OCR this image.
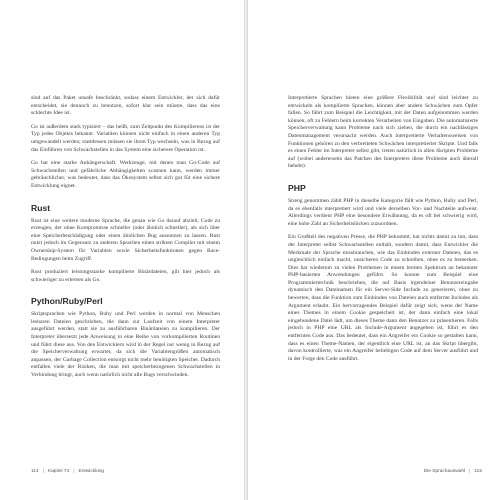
sind auf das Paket unsafe beschränkt, sodass einem Entwickler, der sich dafür entscheidet, sie dennoch zu benutzen, sofort klar sein müsste, dass das eine schlechte Idee ist.

Go ist außerdem stark typisiert – das heißt, zum Zeitpunkt des Kompilierens ist der Typ jedes Objekts bekannt. Variablen können nicht einfach in einen anderen Typ umgewandelt werden; stattdessen müssen sie ihren Typ wechseln, was in Bezug auf das Einführen von Schwachstellen in das System eine sicherere Operation ist.

Go hat eine starke Anhängerschaft. Werkzeuge, mit denen man Go-Code auf Schwachstellen und gefährliche Abhängigkeiten scannen kann, werden immer gebräuchlicher, was bedeutet, dass das Ökosystem selbst sich gut für eine sichere Entwicklung eignet.

Rust

Rust ist eine weitere moderne Sprache, die genau wie Go darauf abzielt, Code zu erzeugen, der ohne Kompromisse schneller (oder ähnlich schneller), als sich über eine Speicherbeschädigung oder einen ähnlichen Bug ausnutzen zu lassen. Rust nutzt jedoch im Gegensatz zu anderen Sprachen einen strikten Compiler mit einem Ownership-System für Variablen sowie Sicherheitsfunktionen gegen Race-Bedingungen beim Zugriff.

Rust produziert leistungsstarke kompilierte Binärdateien, gilt hier jedoch als schwieriger zu erlernen als Go.

Python/Ruby/Perl

Skriptsprachen wie Python, Ruby und Perl werden in normal von Menschen lesbaren Dateien geschrieben, die dann zur Laufzeit von einem Interpreter ausgeführt werden, statt sie zu ausführbaren Binärdateien zu kompilieren. Der Interpreter übersetzt jede Anweisung in eine Reihe von vorkompilierten Routinen und führt diese aus. Von den Entwicklern wird in der Regel nur wenig in Bezug auf die Speicherverwaltung erwartet, da sich die Variablengrößen automatisch anpassen, der Garbage Collection entsorgt nicht mehr benötigten Speicher. Dadurch entfallen viele der Risiken, die man mit speicherbezogenen Schwachstellen in Verbindung bringt, auch wenn natürlich nicht alle Bugs verschwinden.

114 | Kapitel 74 | Entwicklung

Interpretierte Sprachen bieten eine größere Flexibilität und sind leichter zu entwickeln als kompilierte Sprachen, können aber andere Schwächen zum Opfer fallen. So führt zum Beispiel die Leichtigkeit, mit der Daten aufgenommen werden können, oft zu Fehlern beim korrekten Verarbeiten von Eingaben. Die automatisierte Speicherverwaltung kann Probleme nach sich ziehen, die durch ein nachlässiges Datenmanagement verursacht werden. Auch interpretierte Verhaltensweisen von Funktionen gehören zu den verbreiteten Schwächen interpretierter Skripte. Und falls es einen Fehler im Interpreter selbst gibt, treten natürlich in allen Skripten Probleme auf (wobei andererseits das Patchen des Interpreters diese Probleme auch überall behebt).

PHP

Streng genommen zählt PHP in dieselbe Kategorie fällt wie Python, Ruby und Perl, da es ebenfalls interpretiert wird und viele derselben Vor- und Nachteile aufweist. Allerdings verdient PHP eine besondere Erwähnung, da es oft bei schwierig wird, eine hohe Zahl an Sicherheitslücken zuzuordnen.

Ein Großteil des negativen Presse, die PHP bekommt, hat nichts damit zu tun, dass der Interpreter selbst Schwachstellen enthält, sondern damit, dass Entwickler die Merkmale der Sprache missbrauchen, wie das Einbinden externer Dateien, das es ungleichlich einfach macht, unsicheren Code zu schreiben, ohne es zu bemerken. Dies hat wiederum zu vielen Problemen in einem breiten Spektrum an bekannter PHP-basierten Anwendungen geführt. So konnte zum Beispiel eine Programmiertechnik beschrieben, die auf Basis irgendeiner Benutzereingabe dynamisch den Dateinamen für ein Server-Side Include zu generieren, ohne zu bewerten, dass die Funktion zum Einbinden von Dateien auch entfernte Includes als Argument erlaubt. Ein hervorragendes Beispiel dafür zeigt sich, wenn der Name eines Themes in einem Cookie gespeichert ist, der dann einfach eine lokal eingebundene Datei lädt, um dieses Theme dann den Benutzer zu präsentieren. Falls jedoch in PHP eine URL als Include-Argument angegeben ist, führt es den entfernten Code aus. Das bedeutet, dass ein Angreifer ein Cookie so gestalten kann, dass es einen Theme-Namen, der eigentlich eine URL ist, an das Skript übergibt, davon kontrollierte, was ein Angreifer beliebigen Code auf dem Server ausführt und in der Folge den Code ausführt.

Die Sprachauswahl | 115
